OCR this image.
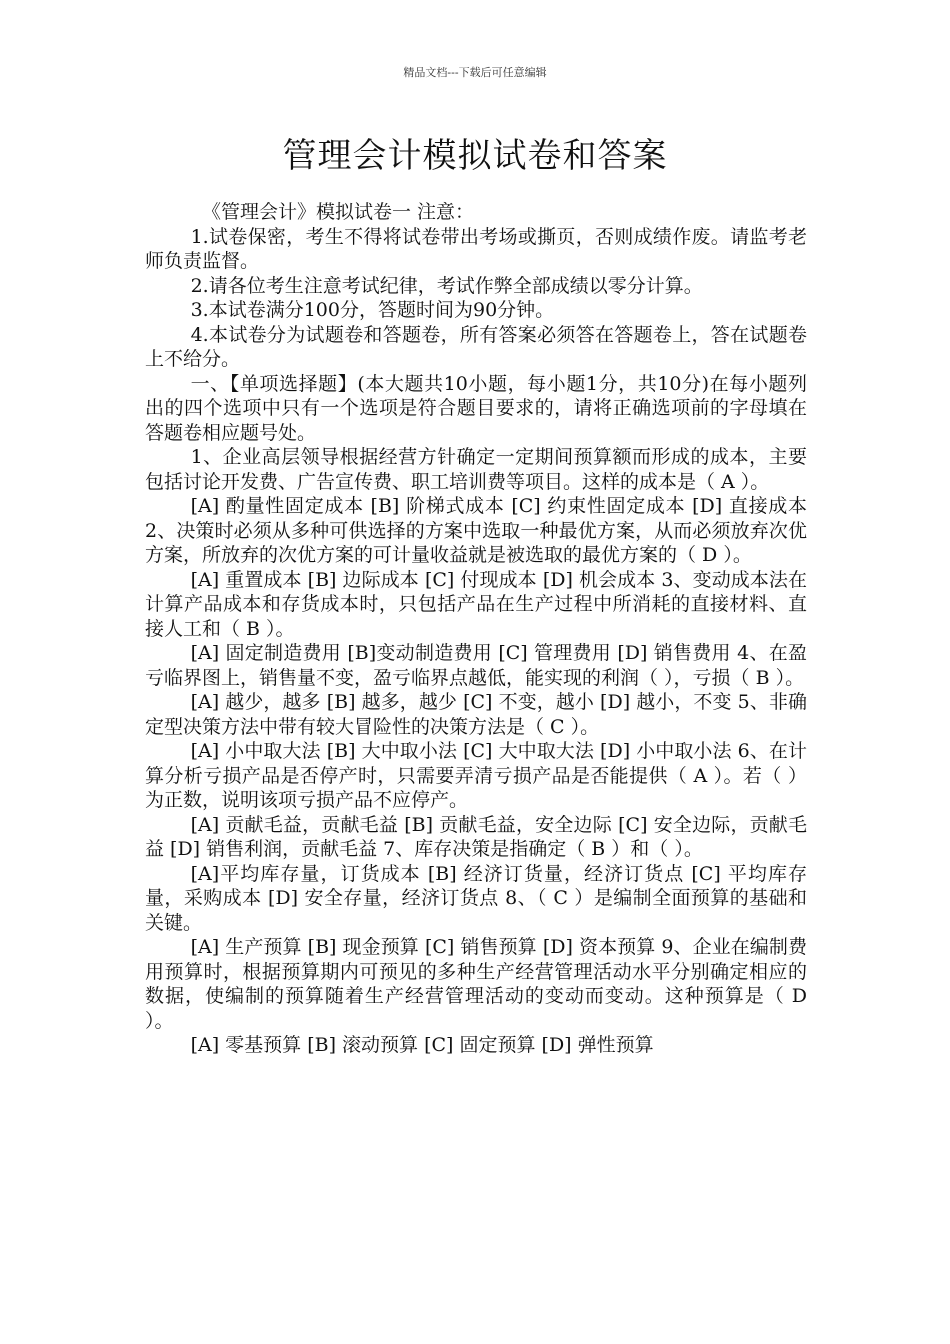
精品文档---下载后可任意编辑
管理会计模拟试卷和答案

《管理会计》模拟试卷一 注意：

1.试卷保密，考生不得将试卷带出考场或撕页，否则成绩作废。请监考老师负责监督。

2.请各位考生注意考试纪律，考试作弊全部成绩以零分计算。

3.本试卷满分100分，答题时间为90分钟。

4.本试卷分为试题卷和答题卷，所有答案必须答在答题卷上，答在试题卷上不给分。

一、【单项选择题】(本大题共10小题，每小题1分，共10分)在每小题列出的四个选项中只有一个选项是符合题目要求的，请将正确选项前的字母填在答题卷相应题号处。

1、企业高层领导根据经营方针确定一定期间预算额而形成的成本，主要包括讨论开发费、广告宣传费、职工培训费等项目。这样的成本是（ A ）。

[A] 酌量性固定成本 [B] 阶梯式成本 [C] 约束性固定成本 [D] 直接成本 2、决策时必须从多种可供选择的方案中选取一种最优方案，从而必须放弃次优方案，所放弃的次优方案的可计量收益就是被选取的最优方案的（ D ）。

[A] 重置成本 [B] 边际成本 [C] 付现成本 [D] 机会成本 3、变动成本法在计算产品成本和存货成本时，只包括产品在生产过程中所消耗的直接材料、直接人工和（ B ）。

[A] 固定制造费用 [B]变动制造费用 [C] 管理费用 [D] 销售费用 4、在盈亏临界图上，销售量不变，盈亏临界点越低，能实现的利润（ ），亏损（ B ）。

[A] 越少，越多 [B] 越多，越少 [C] 不变，越小 [D] 越小，不变 5、非确定型决策方法中带有较大冒险性的决策方法是（ C ）。

[A] 小中取大法 [B] 大中取小法 [C] 大中取大法 [D] 小中取小法 6、在计算分析亏损产品是否停产时，只需要弄清亏损产品是否能提供（ A ）。若（ ）为正数，说明该项亏损产品不应停产。

[A] 贡献毛益，贡献毛益 [B] 贡献毛益，安全边际 [C] 安全边际，贡献毛益 [D] 销售利润，贡献毛益 7、库存决策是指确定（ B ）和（ ）。

[A]平均库存量，订货成本 [B] 经济订货量，经济订货点 [C] 平均库存量，采购成本 [D] 安全存量，经济订货点 8、（ C ）是编制全面预算的基础和关键。

[A] 生产预算 [B] 现金预算 [C] 销售预算 [D] 资本预算 9、企业在编制费用预算时，根据预算期内可预见的多种生产经营管理活动水平分别确定相应的数据，使编制的预算随着生产经营管理活动的变动而变动。这种预算是（ D ）。

[A] 零基预算 [B] 滚动预算 [C] 固定预算 [D] 弹性预算
